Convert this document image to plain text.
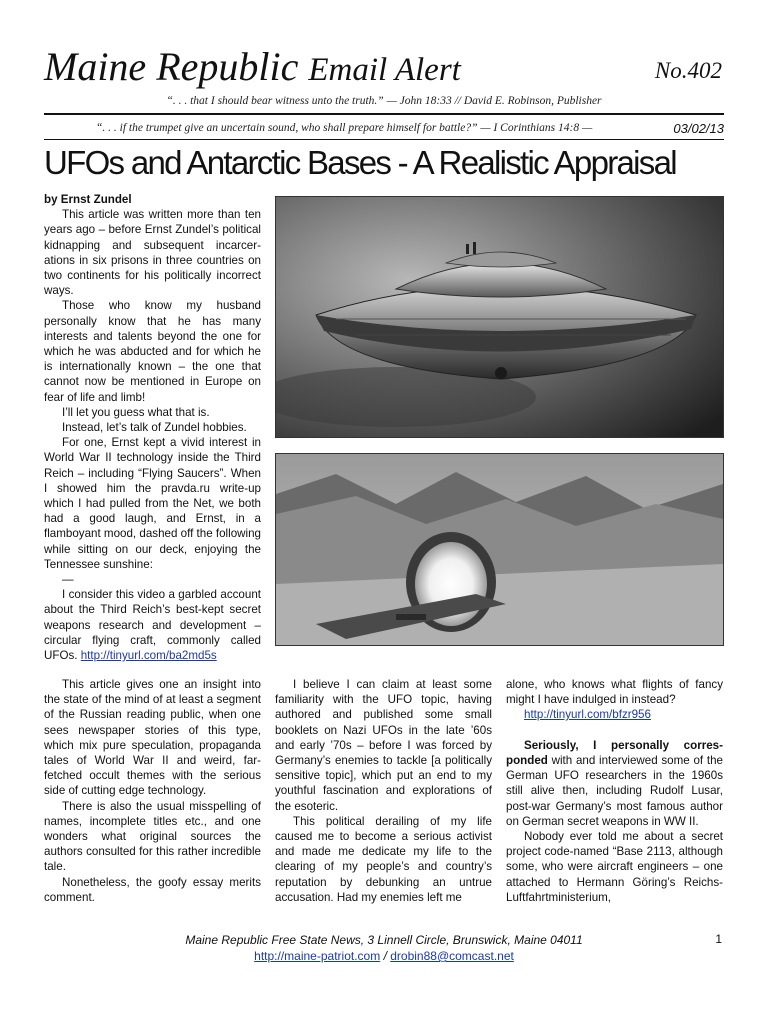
Maine Republic Email Alert	No.402
“. . . that I should bear witness unto the truth.” — John 18:33 // David E. Robinson, Publisher
“. . . if the trumpet give an uncertain sound, who shall prepare himself for battle?” — I Corinthians 14:8 —	03/02/13
UFOs and Antarctic Bases - A Realistic Appraisal

by Ernst Zundel

This article was written more than ten years ago – before Ernst Zundel’s political kidnapping and subsequent incarcerations in six prisons in three countries on two continents for his politically incorrect ways.

Those who know my husband personally know that he has many interests and talents beyond the one for which he was abducted and for which he is internationally known – the one that cannot now be mentioned in Europe on fear of life and limb!

I’ll let you guess what that is.

Instead, let’s talk of Zundel hobbies.

For one, Ernst kept a vivid interest in World War II technology inside the Third Reich – including “Flying Saucers”. When I showed him the pravda.ru write-up which I had pulled from the Net, we both had a good laugh, and Ernst, in a flamboyant mood, dashed off the following while sitting on our deck, enjoying the Tennessee sunshine:

—

I consider this video a garbled account about the Third Reich’s best-kept secret weapons research and development – circular flying craft, commonly called UFOs. http://tinyurl.com/ba2md5s

This article gives one an insight into the state of the mind of at least a segment of the Russian reading public, when one sees newspaper stories of this type, which mix pure speculation, propaganda tales of World War II and weird, far-fetched occult themes with the serious side of cutting edge technology.

There is also the usual misspelling of names, incomplete titles etc., and one wonders what original sources the authors consulted for this rather incredible tale.

Nonetheless, the goofy essay merits comment.

I believe I can claim at least some familiarity with the UFO topic, having authored and published some small booklets on Nazi UFOs in the late ’60s and early ’70s – before I was forced by Germany’s enemies to tackle [a politically sensitive topic], which put an end to my youthful fascination and explorations of the esoteric.

This political derailing of my life caused me to become a serious activist and made me dedicate my life to the clearing of my people’s and country’s reputation by debunking an untrue accusation. Had my enemies left me

alone, who knows what flights of fancy might I have indulged in instead?

http://tinyurl.com/bfzr956

Seriously, I personally corresponded with and interviewed some of the German UFO researchers in the 1960s still alive then, including Rudolf Lusar, post-war Germany’s most famous author on German secret weapons in WW II.

Nobody ever told me about a secret project code-named “Base 2113, although some, who were aircraft engineers – one attached to Hermann Göring’s Reichs-Luftfahrtministerium,

Maine Republic Free State News, 3 Linnell Circle, Brunswick, Maine 04011
http://maine-patriot.com / drobin88@comcast.net
1
